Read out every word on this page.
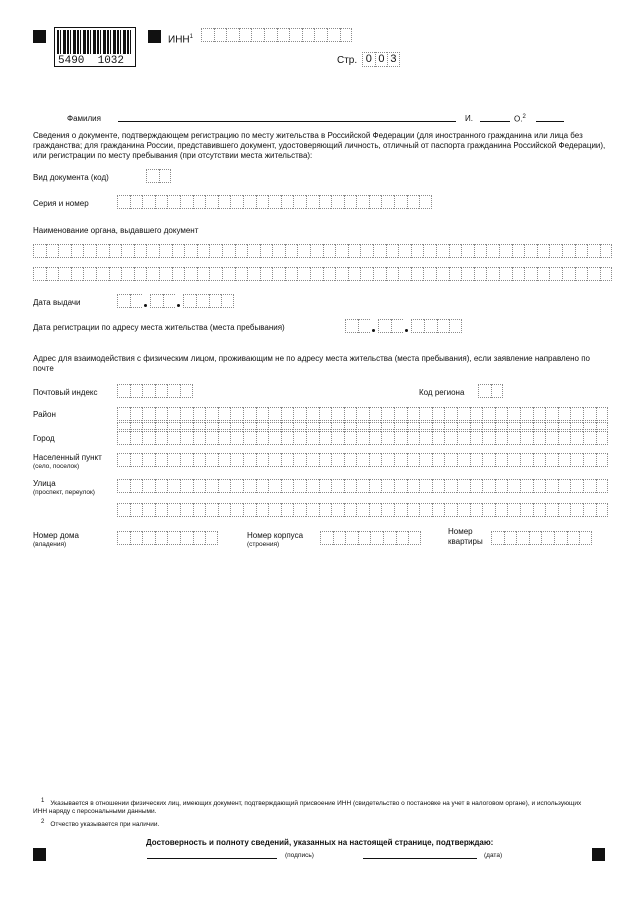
5490  1032
ИНН$^1$
Стр. 0 0 3
Фамилия	И.	О.$^2$
Сведения о документе, подтверждающем регистрацию по месту жительства в Российской Федерации (для иностранного гражданина или лица без гражданства; для гражданина России, представившего документ, удостоверяющий личность, отличный от паспорта гражданина Российской Федерации), или регистрации по месту пребывания (при отсутствии места жительства):
Вид документа (код)
Серия и номер
Наименование органа, выдавшего документ
Дата выдачи
Дата регистрации по адресу места жительства (места пребывания)
Адрес для взаимодействия с физическим лицом, проживающим не по адресу места жительства (места пребывания), если заявление направлено по почте
Почтовый индекс	Код региона
Район
Город
Населенный пункт
(село, поселок)
Улица
(проспект, переулок)
Номер дома
(владения)
Номер корпуса
(строения)
Номер
квартиры
$^1$ Указывается в отношении физических лиц, имеющих документ, подтверждающий присвоение ИНН (свидетельство о постановке на учет в налоговом органе), и использующих ИНН наряду с персональными данными.
$^2$ Отчество указывается при наличии.
Достоверность и полноту сведений, указанных на настоящей странице, подтверждаю:
(подпись)	(дата)
